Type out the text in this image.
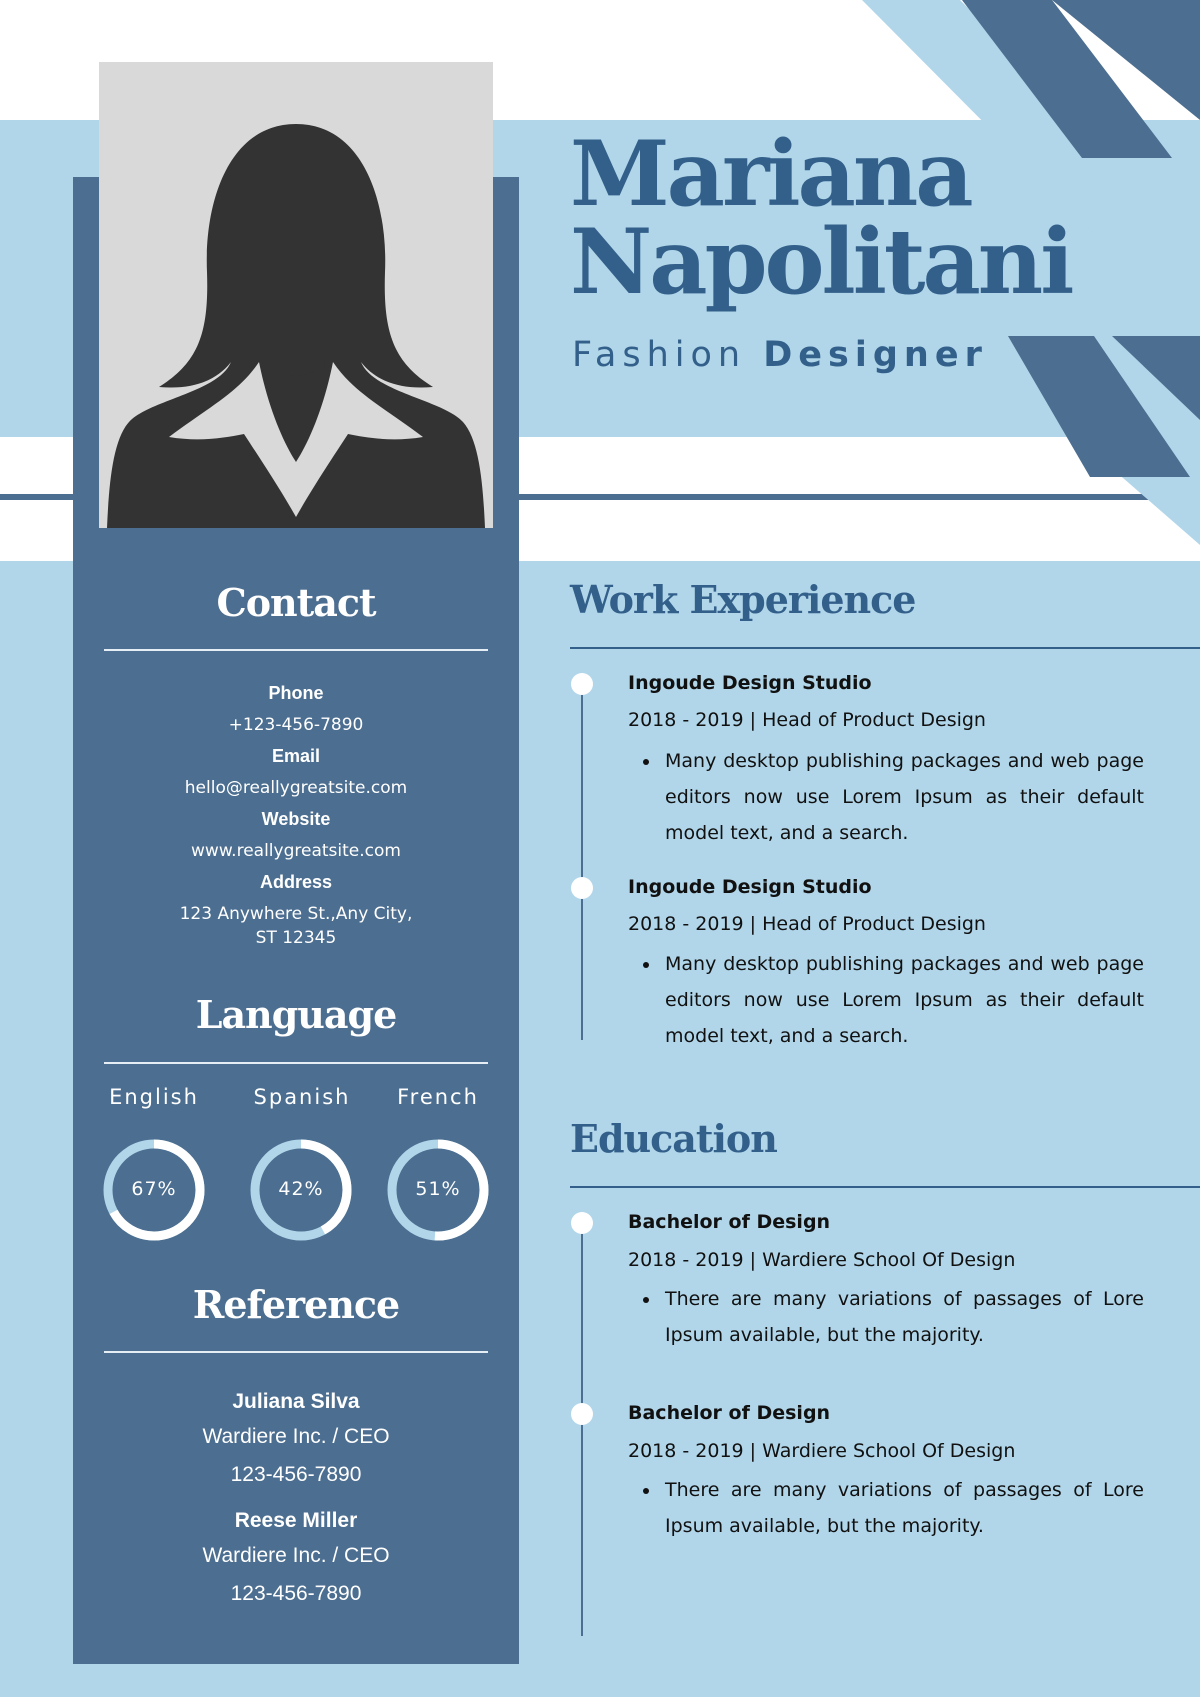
Mariana
Napolitani
Fashion Designer
Contact
Phone
+123-456-7890
Email
hello@reallygreatsite.com
Website
www.reallygreatsite.com
Address
123 Anywhere St.,Any City,
ST 12345
Language
English	Spanish	French
67%	42%	51%
Reference
Juliana Silva
Wardiere Inc. / CEO
123-456-7890
Reese Miller
Wardiere Inc. / CEO
123-456-7890
Work Experience
Ingoude Design Studio
2018 - 2019 | Head of Product Design
• Many desktop publishing packages and web page editors now use Lorem Ipsum as their default model text, and a search.
Ingoude Design Studio
2018 - 2019 | Head of Product Design
• Many desktop publishing packages and web page editors now use Lorem Ipsum as their default model text, and a search.
Education
Bachelor of Design
2018 - 2019 | Wardiere School Of Design
• There are many variations of passages of Lore Ipsum available, but the majority.
Bachelor of Design
2018 - 2019 | Wardiere School Of Design
• There are many variations of passages of Lore Ipsum available, but the majority.
